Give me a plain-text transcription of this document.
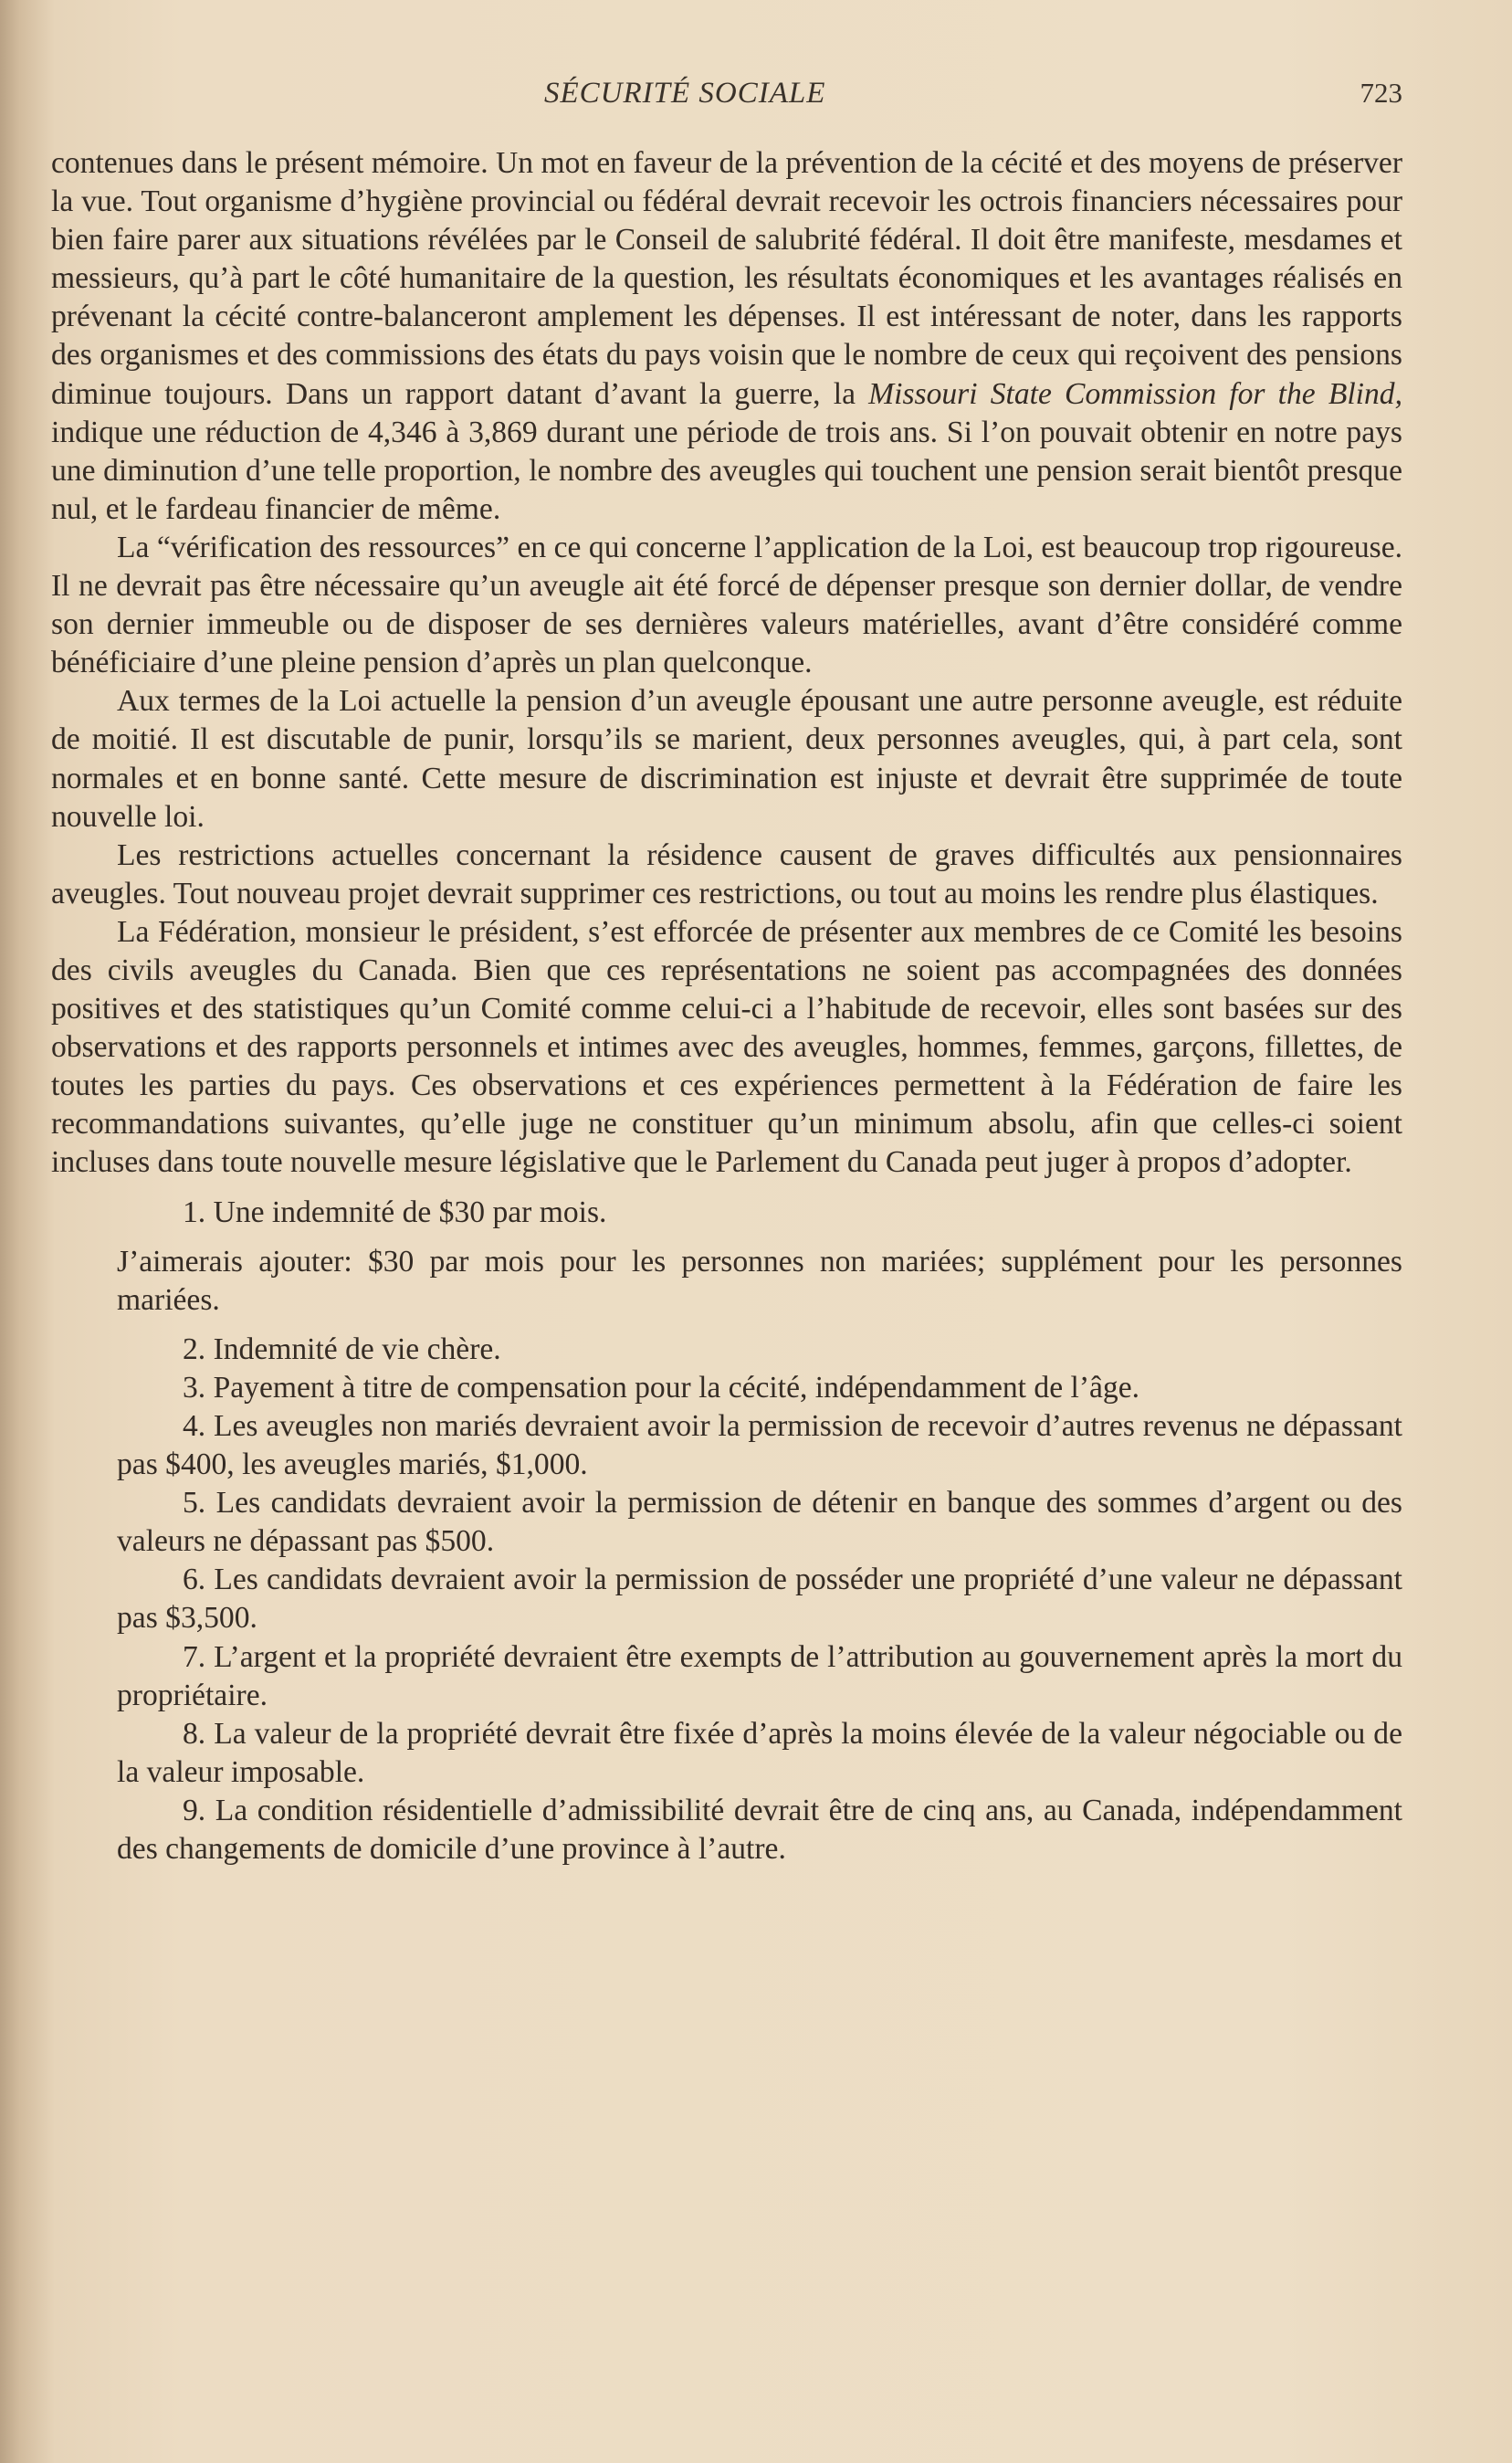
SÉCURITÉ SOCIALE	723

contenues dans le présent mémoire. Un mot en faveur de la prévention de la cécité et des moyens de préserver la vue. Tout organisme d’hygiène provincial ou fédéral devrait recevoir les octrois financiers nécessaires pour bien faire parer aux situations révélées par le Conseil de salubrité fédéral. Il doit être manifeste, mesdames et messieurs, qu’à part le côté humanitaire de la question, les résultats économiques et les avantages réalisés en prévenant la cécité contre-balanceront amplement les dépenses. Il est intéressant de noter, dans les rapports des organismes et des commissions des états du pays voisin que le nombre de ceux qui reçoivent des pensions diminue toujours. Dans un rapport datant d’avant la guerre, la Missouri State Commission for the Blind, indique une réduction de 4,346 à 3,869 durant une période de trois ans. Si l’on pouvait obtenir en notre pays une diminution d’une telle proportion, le nombre des aveugles qui touchent une pension serait bientôt presque nul, et le fardeau financier de même.

La “vérification des ressources” en ce qui concerne l’application de la Loi, est beaucoup trop rigoureuse. Il ne devrait pas être nécessaire qu’un aveugle ait été forcé de dépenser presque son dernier dollar, de vendre son dernier immeuble ou de disposer de ses dernières valeurs matérielles, avant d’être considéré comme bénéficiaire d’une pleine pension d’après un plan quelconque.

Aux termes de la Loi actuelle la pension d’un aveugle épousant une autre personne aveugle, est réduite de moitié. Il est discutable de punir, lorsqu’ils se marient, deux personnes aveugles, qui, à part cela, sont normales et en bonne santé. Cette mesure de discrimination est injuste et devrait être supprimée de toute nouvelle loi.

Les restrictions actuelles concernant la résidence causent de graves difficultés aux pensionnaires aveugles. Tout nouveau projet devrait supprimer ces restrictions, ou tout au moins les rendre plus élastiques.

La Fédération, monsieur le président, s’est efforcée de présenter aux membres de ce Comité les besoins des civils aveugles du Canada. Bien que ces représentations ne soient pas accompagnées des données positives et des statistiques qu’un Comité comme celui-ci a l’habitude de recevoir, elles sont basées sur des observations et des rapports personnels et intimes avec des aveugles, hommes, femmes, garçons, fillettes, de toutes les parties du pays. Ces observations et ces expériences permettent à la Fédération de faire les recommandations suivantes, qu’elle juge ne constituer qu’un minimum absolu, afin que celles-ci soient incluses dans toute nouvelle mesure législative que le Parlement du Canada peut juger à propos d’adopter.

1. Une indemnité de $30 par mois.

J’aimerais ajouter: $30 par mois pour les personnes non mariées; supplément pour les personnes mariées.

2. Indemnité de vie chère.

3. Payement à titre de compensation pour la cécité, indépendamment de l’âge.

4. Les aveugles non mariés devraient avoir la permission de recevoir d’autres revenus ne dépassant pas $400, les aveugles mariés, $1,000.

5. Les candidats devraient avoir la permission de détenir en banque des sommes d’argent ou des valeurs ne dépassant pas $500.

6. Les candidats devraient avoir la permission de posséder une propriété d’une valeur ne dépassant pas $3,500.

7. L’argent et la propriété devraient être exempts de l’attribution au gouvernement après la mort du propriétaire.

8. La valeur de la propriété devrait être fixée d’après la moins élevée de la valeur négociable ou de la valeur imposable.

9. La condition résidentielle d’admissibilité devrait être de cinq ans, au Canada, indépendamment des changements de domicile d’une province à l’autre.
